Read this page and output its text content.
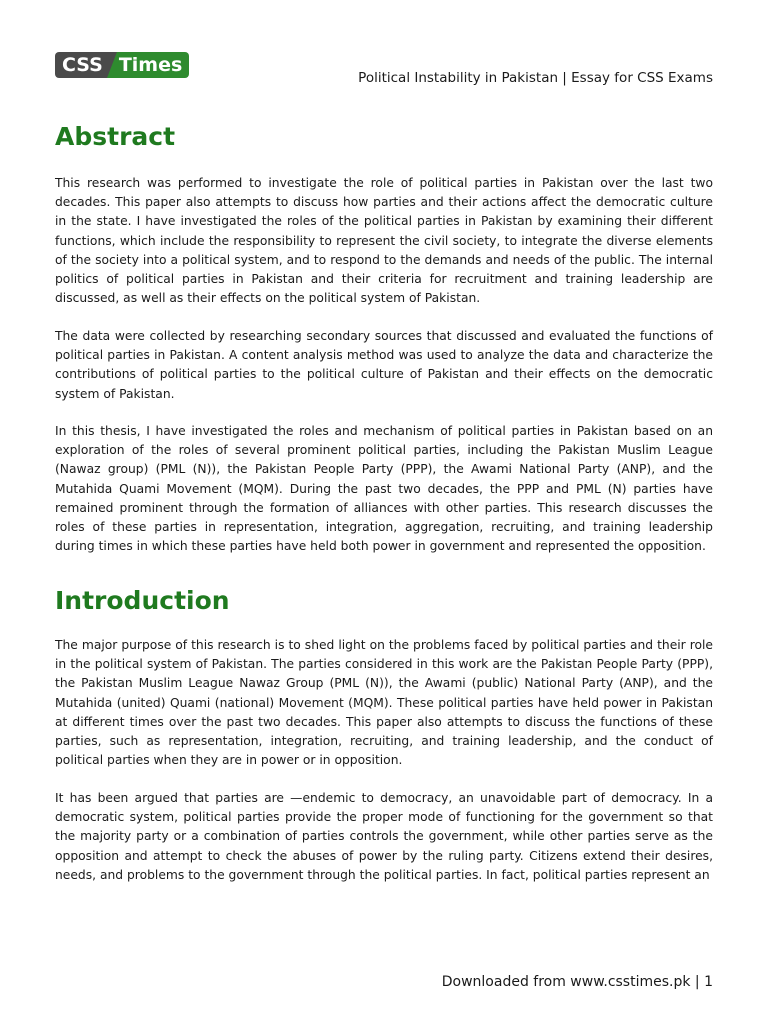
CSS Times
Political Instability in Pakistan | Essay for CSS Exams
Abstract

This research was performed to investigate the role of political parties in Pakistan over the last two decades. This paper also attempts to discuss how parties and their actions affect the democratic culture in the state. I have investigated the roles of the political parties in Pakistan by examining their different functions, which include the responsibility to represent the civil society, to integrate the diverse elements of the society into a political system, and to respond to the demands and needs of the public. The internal politics of political parties in Pakistan and their criteria for recruitment and training leadership are discussed, as well as their effects on the political system of Pakistan.

The data were collected by researching secondary sources that discussed and evaluated the functions of political parties in Pakistan. A content analysis method was used to analyze the data and characterize the contributions of political parties to the political culture of Pakistan and their effects on the democratic system of Pakistan.

In this thesis, I have investigated the roles and mechanism of political parties in Pakistan based on an exploration of the roles of several prominent political parties, including the Pakistan Muslim League (Nawaz group) (PML (N)), the Pakistan People Party (PPP), the Awami National Party (ANP), and the Mutahida Quami Movement (MQM). During the past two decades, the PPP and PML (N) parties have remained prominent through the formation of alliances with other parties. This research discusses the roles of these parties in representation, integration, aggregation, recruiting, and training leadership during times in which these parties have held both power in government and represented the opposition.

Introduction

The major purpose of this research is to shed light on the problems faced by political parties and their role in the political system of Pakistan. The parties considered in this work are the Pakistan People Party (PPP), the Pakistan Muslim League Nawaz Group (PML (N)), the Awami (public) National Party (ANP), and the Mutahida (united) Quami (national) Movement (MQM). These political parties have held power in Pakistan at different times over the past two decades. This paper also attempts to discuss the functions of these parties, such as representation, integration, recruiting, and training leadership, and the conduct of political parties when they are in power or in opposition.

It has been argued that parties are —endemic to democracy, an unavoidable part of democracy. In a democratic system, political parties provide the proper mode of functioning for the government so that the majority party or a combination of parties controls the government, while other parties serve as the opposition and attempt to check the abuses of power by the ruling party. Citizens extend their desires, needs, and problems to the government through the political parties. In fact, political parties represent an

Downloaded from www.csstimes.pk | 1
